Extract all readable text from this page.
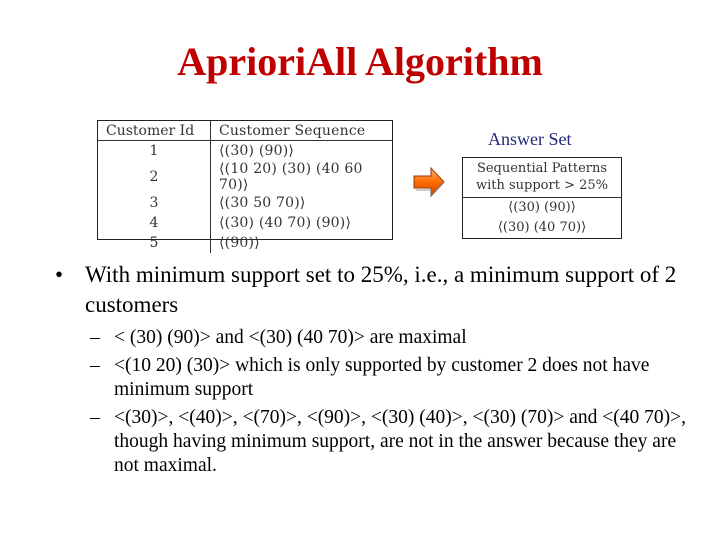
AprioriAll Algorithm
Customer Id	Customer Sequence
1	⟨(30) (90)⟩
2	⟨(10 20) (30) (40 60 70)⟩
3	⟨(30 50 70)⟩
4	⟨(30) (40 70) (90)⟩
5	⟨(90)⟩
Answer Set
Sequential Patterns
with support > 25%
⟨(30) (90)⟩
⟨(30) (40 70)⟩
• With minimum support set to 25%, i.e., a minimum support of 2 customers
– < (30) (90)> and <(30) (40 70)> are maximal
– <(10 20) (30)> which is only supported by customer 2 does not have minimum support
– <(30)>, <(40)>, <(70)>, <(90)>, <(30) (40)>, <(30) (70)> and <(40 70)>, though having minimum support, are not in the answer because they are not maximal.
